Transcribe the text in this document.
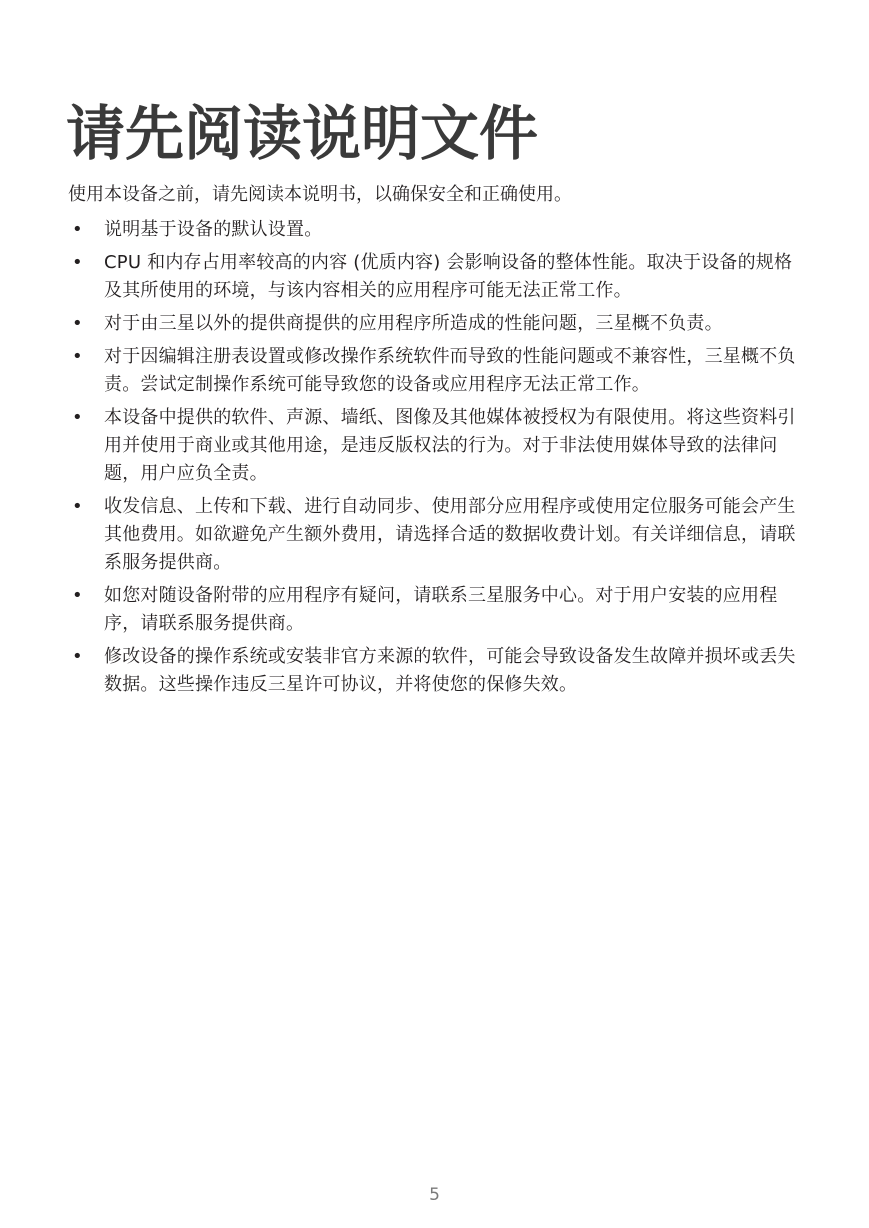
请先阅读说明文件

使用本设备之前，请先阅读本说明书，以确保安全和正确使用。

• 说明基于设备的默认设置。
• CPU 和内存占用率较高的内容 (优质内容) 会影响设备的整体性能。取决于设备的规格及其所使用的环境，与该内容相关的应用程序可能无法正常工作。
• 对于由三星以外的提供商提供的应用程序所造成的性能问题，三星概不负责。
• 对于因编辑注册表设置或修改操作系统软件而导致的性能问题或不兼容性，三星概不负责。尝试定制操作系统可能导致您的设备或应用程序无法正常工作。
• 本设备中提供的软件、声源、墙纸、图像及其他媒体被授权为有限使用。将这些资料引用并使用于商业或其他用途，是违反版权法的行为。对于非法使用媒体导致的法律问题，用户应负全责。
• 收发信息、上传和下载、进行自动同步、使用部分应用程序或使用定位服务可能会产生其他费用。如欲避免产生额外费用，请选择合适的数据收费计划。有关详细信息，请联系服务提供商。
• 如您对随设备附带的应用程序有疑问，请联系三星服务中心。对于用户安装的应用程序，请联系服务提供商。
• 修改设备的操作系统或安装非官方来源的软件，可能会导致设备发生故障并损坏或丢失数据。这些操作违反三星许可协议，并将使您的保修失效。
5
